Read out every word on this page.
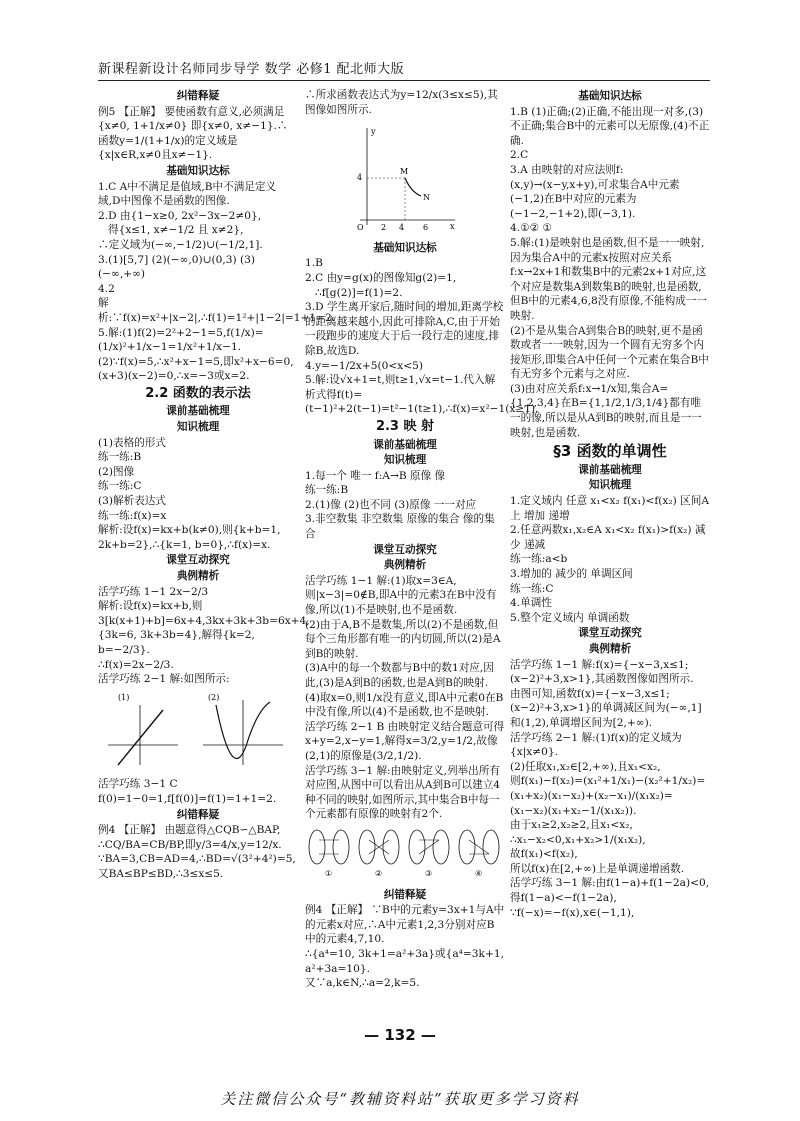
新课程新设计名师同步导学 数学 必修1 配北师大版

纠错释疑

例5 【正解】 要使函数有意义,必须满足{x≠0, 1+1/x≠0} 即{x≠0, x≠−1}.∴函数y=1/(1+1/x)的定义域是{x|x∈R,x≠0且x≠−1}.

基础知识达标

1.C A中不满足是值域,B中不满足定义域,D中图像不是函数的图像.

2.D 由{1−x≥0, 2x²−3x−2≠0},

得{x≤1, x≠−1/2 且 x≠2},

∴定义域为(−∞,−1/2)∪(−1/2,1].

3.(1)[5,7] (2)(−∞,0)∪(0,3) (3)(−∞,+∞)

4.2

解析:∵f(x)=x²+|x−2|,∴f(1)=1²+|1−2|=1+1=2.

5.解:(1)f(2)=2²+2−1=5,f(1/x)=(1/x)²+1/x−1=1/x²+1/x−1.

(2)∵f(x)=5,∴x²+x−1=5,即x²+x−6=0,

(x+3)(x−2)=0,∴x=−3或x=2.

2.2 函数的表示法

课前基础梳理

知识梳理

(1)表格的形式

练一练:B

(2)图像

练一练:C

(3)解析表达式

练一练:f(x)=x

解析:设f(x)=kx+b(k≠0),则{k+b=1, 2k+b=2},∴{k=1, b=0},∴f(x)=x.

课堂互动探究

典例精析

活学巧练 1−1 2x−2/3

解析:设f(x)=kx+b,则3[k(x+1)+b]=6x+4,3kx+3k+3b=6x+4,

{3k=6, 3k+3b=4},解得{k=2, b=−2/3}.

∴f(x)=2x−2/3.

活学巧练 2−1 解:如图所示:

(1)	(2)

活学巧练 3−1 C f(0)=1−0=1,f[f(0)]=f(1)=1+1=2.

纠错释疑

例4 【正解】 由题意得△CQB∽△BAP,

∴CQ/BA=CB/BP,即y/3=4/x,y=12/x.

∵BA=3,CB=AD=4,∴BD=√(3²+4²)=5,

又BA≤BP≤BD,∴3≤x≤5.

∴所求函数表达式为y=12/x(3≤x≤5),其图像如图所示.

y
x
O
4
2 4 6
M
N

基础知识达标

1.B

2.C 由y=g(x)的图像知g(2)=1,

∴f[g(2)]=f(1)=2.

3.D 学生离开家后,随时间的增加,距离学校的距离越来越小,因此可排除A,C,由于开始一段跑步的速度大于后一段行走的速度,排除B,故选D.

4.y=−1/2x+5(0<x<5)

5.解:设√x+1=t,则t≥1,√x=t−1.代入解析式得f(t)=(t−1)²+2(t−1)=t²−1(t≥1),∴f(x)=x²−1(x≥1).

2.3 映 射

课前基础梳理

知识梳理

1.每一个 唯一 f:A→B 原像 像

练一练:B

2.(1)像 (2)也不同 (3)原像 一一对应

3.非空数集 非空数集 原像的集合 像的集合

课堂互动探究

典例精析

活学巧练 1−1 解:(1)取x=3∈A,则|x−3|=0∉B,即A中的元素3在B中没有像,所以(1)不是映射,也不是函数.

(2)由于A,B不是数集,所以(2)不是函数,但每个三角形都有唯一的内切圆,所以(2)是A到B的映射.

(3)A中的每一个数都与B中的数1对应,因此,(3)是A到B的函数,也是A到B的映射.

(4)取x=0,则1/x没有意义,即A中元素0在B中没有像,所以(4)不是函数,也不是映射.

活学巧练 2−1 B 由映射定义结合题意可得x+y=2,x−y=1,解得x=3/2,y=1/2,故像(2,1)的原像是(3/2,1/2).

活学巧练 3−1 解:由映射定义,列举出所有对应图,从图中可以看出从A到B可以建立4种不同的映射,如图所示,其中集合B中每一个元素都有原像的映射有2个.

①	②	③	④

纠错释疑

例4 【正解】 ∵B中的元素y=3x+1与A中的元素x对应,∴A中元素1,2,3分别对应B中的元素4,7,10.

∴{a⁴=10, 3k+1=a²+3a}或{a⁴=3k+1, a²+3a=10}.

又∵a,k∈N,∴a=2,k=5.

基础知识达标

1.B (1)正确;(2)正确,不能出现一对多,(3)不正确;集合B中的元素可以无原像,(4)不正确.

2.C

3.A 由映射的对应法则f:(x,y)→(x−y,x+y),可求集合A中元素(−1,2)在B中对应的元素为(−1−2,−1+2),即(−3,1).

4.①② ①

5.解:(1)是映射也是函数,但不是一一映射,因为集合A中的元素x按照对应关系f:x→2x+1和数集B中的元素2x+1对应,这个对应是数集A到数集B的映射,也是函数,但B中的元素4,6,8没有原像,不能构成一一映射.

(2)不是从集合A到集合B的映射,更不是函数或者一一映射,因为一个圆有无穷多个内接矩形,即集合A中任何一个元素在集合B中有无穷多个元素与之对应.

(3)由对应关系f:x→1/x知,集合A={1,2,3,4}在B={1,1/2,1/3,1/4}都有唯一的像,所以是从A到B的映射,而且是一一映射,也是函数.

§3 函数的单调性

课前基础梳理

知识梳理

1.定义域内 任意 x₁<x₂ f(x₁)<f(x₂) 区间A上 增加 递增

2.任意两数x₁,x₂∈A x₁<x₂ f(x₁)>f(x₂) 减少 递减

练一练:a<b

3.增加的 减少的 单调区间

练一练:C

4.单调性

5.整个定义域内 单调函数

课堂互动探究

典例精析

活学巧练 1−1 解:f(x)={−x−3,x≤1; (x−2)²+3,x>1},其函数图像如图所示.

由图可知,函数f(x)={−x−3,x≤1; (x−2)²+3,x>1}的单调减区间为(−∞,1]和(1,2),单调增区间为[2,+∞).

活学巧练 2−1 解:(1)f(x)的定义域为{x|x≠0}.

(2)任取x₁,x₂∈[2,+∞),且x₁<x₂,

则f(x₁)−f(x₂)=(x₁²+1/x₁)−(x₂²+1/x₂)=(x₁+x₂)(x₁−x₂)+(x₂−x₁)/(x₁x₂)=(x₁−x₂)(x₁+x₂−1/(x₁x₂)).

由于x₁≥2,x₂≥2,且x₁<x₂,

∴x₁−x₂<0,x₁+x₂>1/(x₁x₂),

故f(x₁)<f(x₂),

所以f(x)在[2,+∞)上是单调递增函数.

活学巧练 3−1 解:由f(1−a)+f(1−2a)<0,得f(1−a)<−f(1−2a),

∵f(−x)=−f(x),x∈(−1,1),

— 132 —
关注微信公众号“教辅资料站”获取更多学习资料
